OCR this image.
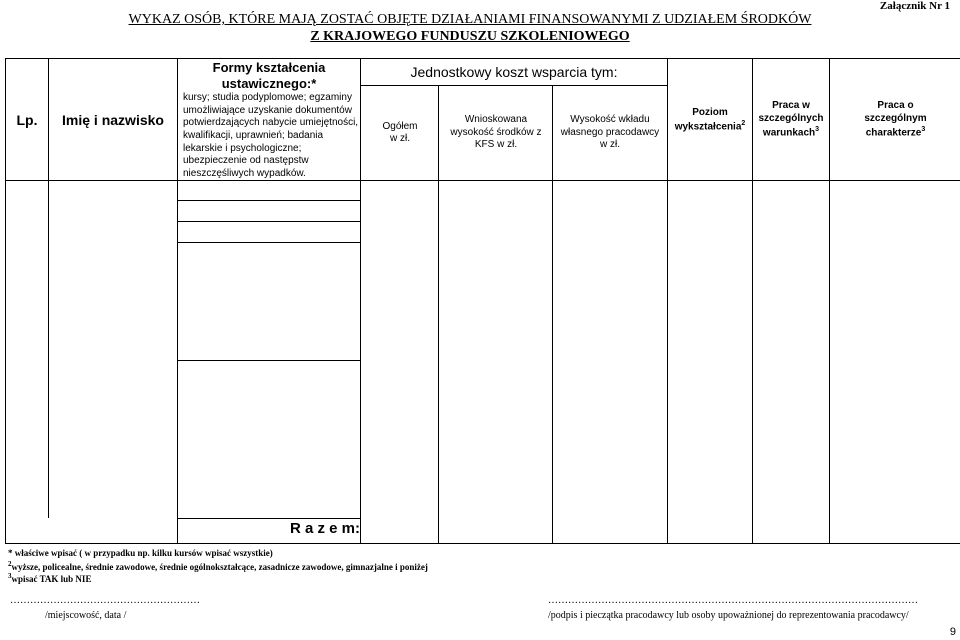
WYKAZ OSÓB, KTÓRE MAJĄ ZOSTAĆ OBJĘTE DZIAŁANIAMI FINANSOWANYMI Z UDZIAŁEM ŚRODKÓW
Z KRAJOWEGO FUNDUSZU SZKOLENIOWEGO
Załącznik Nr 1
Lp.	Imię i nazwisko
Formy kształcenia ustawicznego:*
kursy; studia podyplomowe; egzaminy umożliwiające uzyskanie dokumentów potwierdzających nabycie umiejętności, kwalifikacji, uprawnień; badania lekarskie i psychologiczne; ubezpieczenie od następstw nieszczęśliwych wypadków.
Jednostkowy koszt wsparcia tym:
Ogółem w zł.
Wnioskowana wysokość środków z KFS w zł.
Wysokość wkładu własnego pracodawcy w zł.
Poziom wykształcenia$^2$
Praca w szczególnych warunkach$^3$
Praca o szczególnym charakterze$^3$
R a z e m:
* właściwe wpisać ( w przypadku np. kilku kursów wpisać wszystkie)
$^2$wyższe, policealne, średnie zawodowe, średnie ogólnokształcące, zasadnicze zawodowe, gimnazjalne i poniżej
$^3$wpisać TAK lub NIE
…………………………………………………
/miejscowość, data /
…………………………………………………………………………………………………
/podpis i pieczątka pracodawcy lub osoby upoważnionej do reprezentowania pracodawcy/
9
